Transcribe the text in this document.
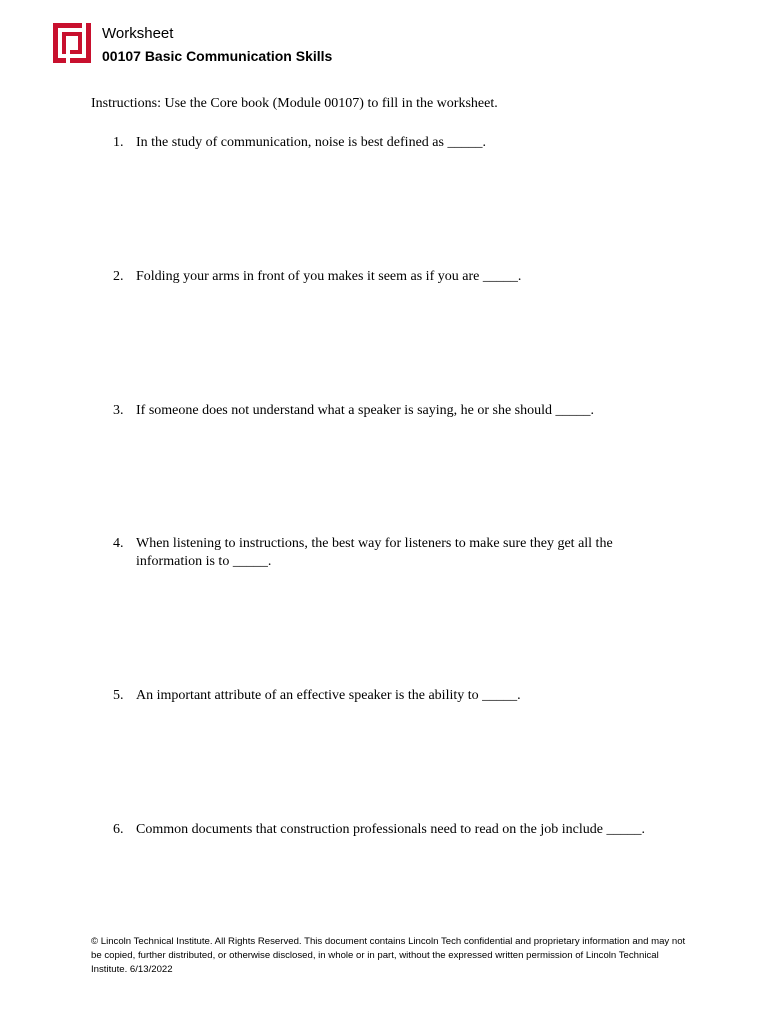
Worksheet
00107 Basic Communication Skills
Instructions: Use the Core book (Module 00107) to fill in the worksheet.
1. In the study of communication, noise is best defined as _____.
2. Folding your arms in front of you makes it seem as if you are _____.
3. If someone does not understand what a speaker is saying, he or she should _____.
4. When listening to instructions, the best way for listeners to make sure they get all the information is to _____.
5. An important attribute of an effective speaker is the ability to _____.
6. Common documents that construction professionals need to read on the job include _____.
© Lincoln Technical Institute. All Rights Reserved. This document contains Lincoln Tech confidential and proprietary information and may not be copied, further distributed, or otherwise disclosed, in whole or in part, without the expressed written permission of Lincoln Technical Institute. 6/13/2022
